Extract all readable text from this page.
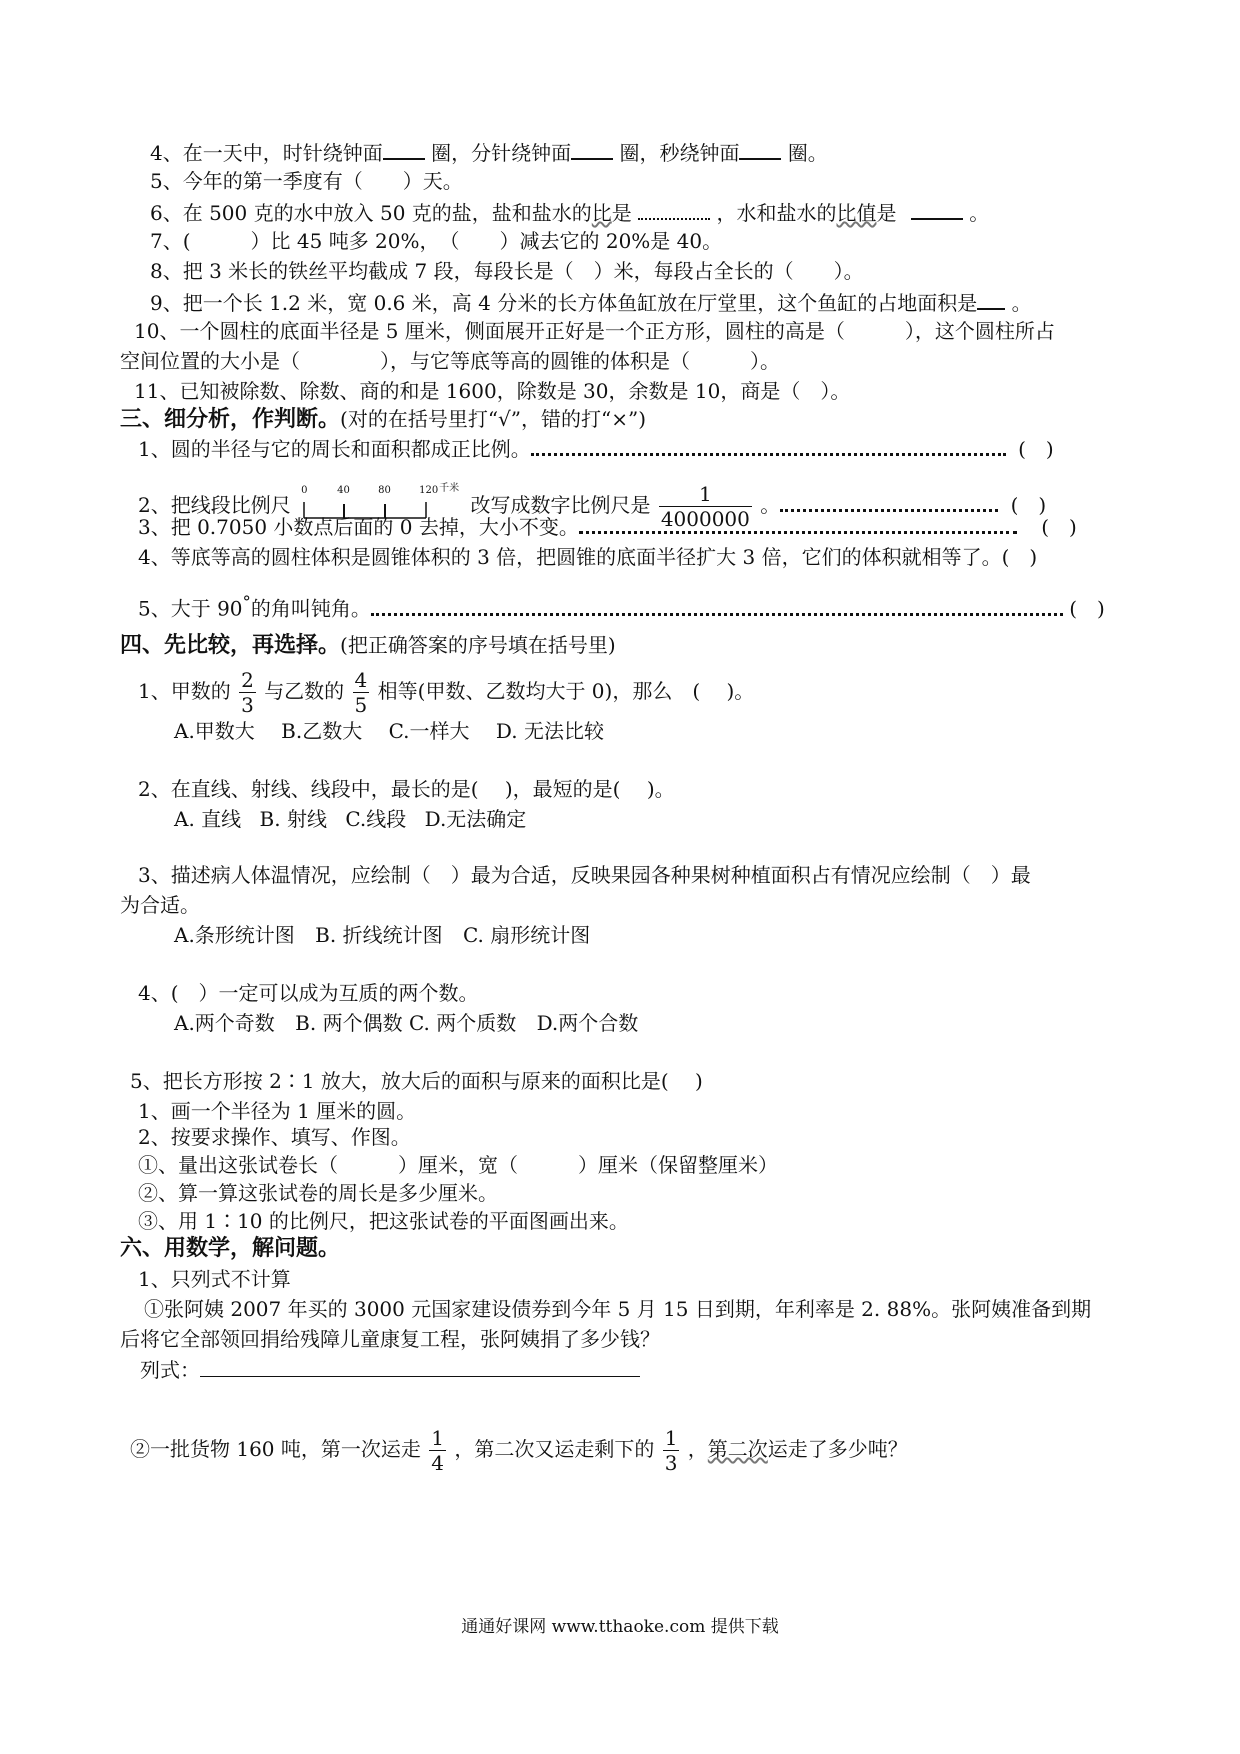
4、在一天中，时针绕钟面 圈，分针绕钟面 圈，秒绕钟面 圈。
5、今年的第一季度有（　　）天。
6、在 500 克的水中放入 50 克的盐，盐和盐水的比是	，水和盐水的比值是	。
7、(　　　）比 45 吨多 20%，　（　　）减去它的 20%是 40。
8、把 3 米长的铁丝平均截成 7 段，每段长是（　）米，每段占全长的（　　）。
9、把一个长 1.2 米，宽 0.6 米，高 4 分米的长方体鱼缸放在厅堂里，这个鱼缸的占地面积是 。
10、一个圆柱的底面半径是 5 厘米，侧面展开正好是一个正方形，圆柱的高是（　　　），这个圆柱所占
空间位置的大小是（　　　　），与它等底等高的圆锥的体积是（　　　）。
11、已知被除数、除数、商的和是 1600，除数是 30，余数是 10，商是（　）。
三、细分析，作判断。(对的在括号里打“√”，错的打“×”)
1、圆的半径与它的周长和面积都成正比例。	(　)
2、把线段比例尺
0	40	80	120 千米
改写成数字比例尺是 $\frac{1}{4000000}$ 。	(　)
3、把 0.7050 小数点后面的 0 去掉，大小不变。	(　)
4、等底等高的圆柱体积是圆锥体积的 3 倍，把圆锥的底面半径扩大 3 倍，它们的体积就相等了。(　)
5、大于 90°的角叫钝角。	(　)
四、先比较，再选择。(把正确答案的序号填在括号里)
1、甲数的 $\frac{2}{3}$ 与乙数的 $\frac{4}{5}$ 相等(甲数、乙数均大于 0)，那么　(　 )。
A.甲数大 B.乙数大 C.一样大 D. 无法比较
2、在直线、射线、线段中，最长的是(　 )，最短的是(　 )。
A. 直线 B. 射线 C.线段 D.无法确定
3、描述病人体温情况，应绘制（　）最为合适，反映果园各种果树种植面积占有情况应绘制（　）最
为合适。
A.条形统计图 B. 折线统计图 C. 扇形统计图
4、(　）一定可以成为互质的两个数。
A.两个奇数 B. 两个偶数 C. 两个质数 D.两个合数
5、把长方形按 2∶1 放大，放大后的面积与原来的面积比是(　 )
1、画一个半径为 1 厘米的圆。
2、按要求操作、填写、作图。
①、量出这张试卷长（　　　）厘米，宽（　　　）厘米（保留整厘米）
②、算一算这张试卷的周长是多少厘米。
③、用 1∶10 的比例尺，把这张试卷的平面图画出来。
六、用数学，解问题。
1、只列式不计算
①张阿姨 2007 年买的 3000 元国家建设债券到今年 5 月 15 日到期，年利率是 2. 88%。张阿姨准备到期
后将它全部领回捐给残障儿童康复工程，张阿姨捐了多少钱？
列式：
②一批货物 160 吨，第一次运走 $\frac{1}{4}$ ，第二次又运走剩下的 $\frac{1}{3}$ ，第二次运走了多少吨？
通通好课网 www.tthaoke.com 提供下载
